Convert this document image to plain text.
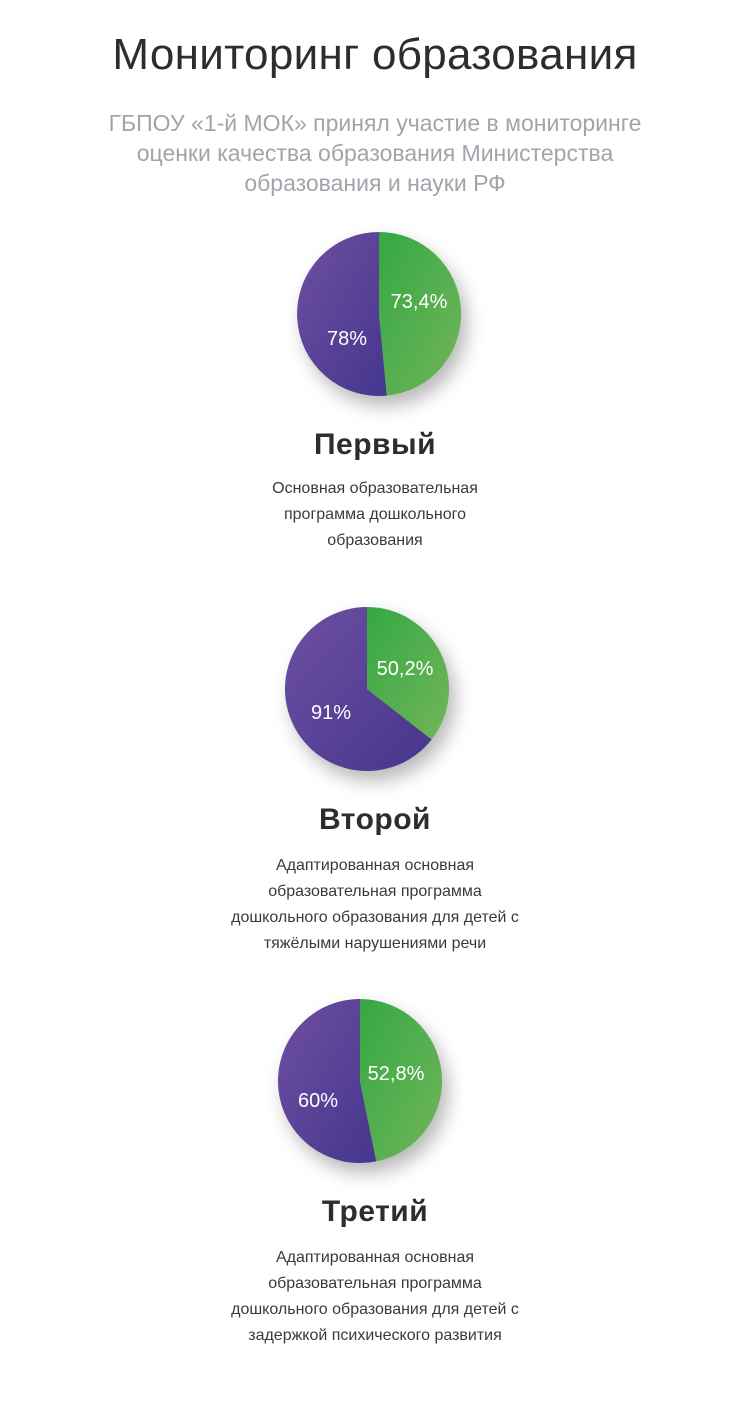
Мониторинг образования

ГБПОУ «1-й МОК» принял участие в мониторинге
оценки качества образования Министерства
образования и науки РФ

73,4%
78%
Первый

Основная образовательная
программа дошкольного
образования

50,2%
91%
Второй

Адаптированная основная
образовательная программа
дошкольного образования для детей с
тяжёлыми нарушениями речи

52,8%
60%
Третий

Адаптированная основная
образовательная программа
дошкольного образования для детей с
задержкой психического развития
